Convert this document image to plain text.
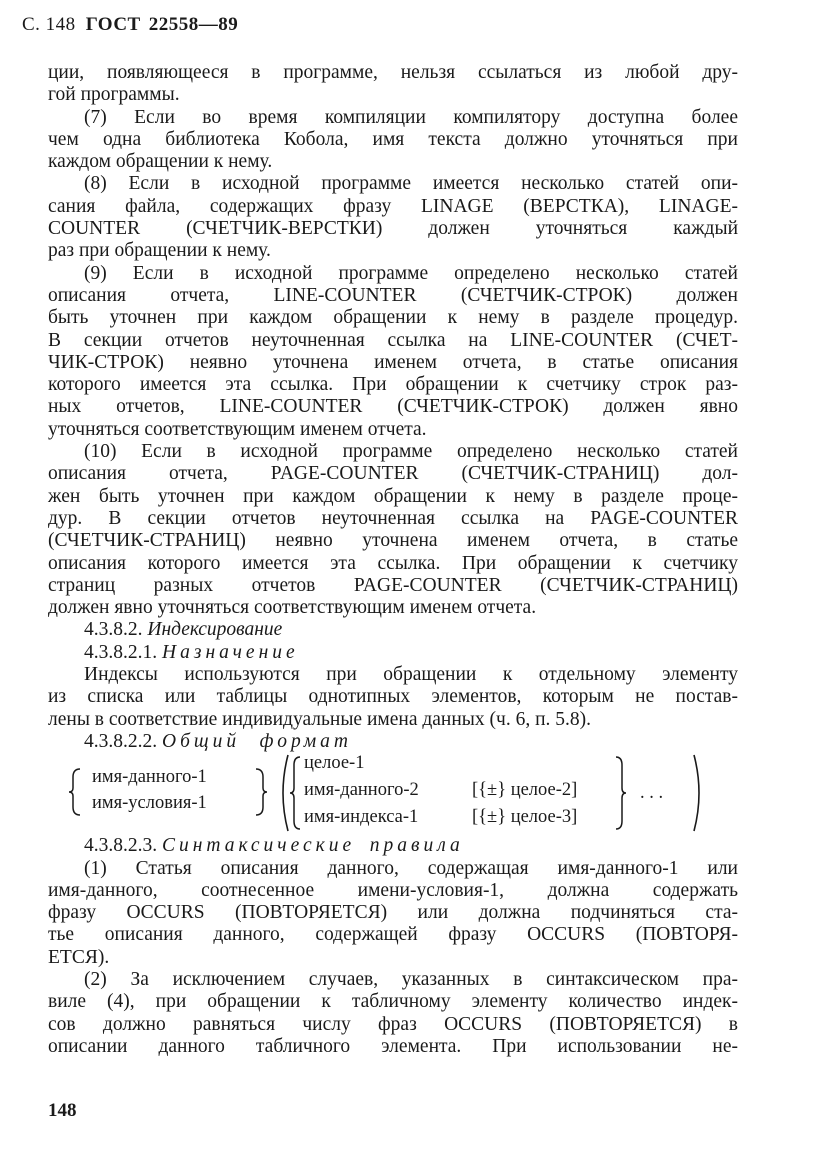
С. 148 ГОСТ 22558—89
ции, появляющееся в программе, нельзя ссылаться из любой дру-
гой программы.
(7) Если во время компиляции компилятору доступна более
чем одна библиотека Кобола, имя текста должно уточняться при
каждом обращении к нему.
(8) Если в исходной программе имеется несколько статей опи-
сания файла, содержащих фразу LINAGE (ВЕРСТКА), LINAGE-
COUNTER (СЧЕТЧИК-ВЕРСТКИ) должен уточняться каждый
раз при обращении к нему.
(9) Если в исходной программе определено несколько статей
описания отчета, LINE-COUNTER (СЧЕТЧИК-СТРОК) должен
быть уточнен при каждом обращении к нему в разделе процедур.
В секции отчетов неуточненная ссылка на LINE-COUNTER (СЧЕТ-
ЧИК-СТРОК) неявно уточнена именем отчета, в статье описания
которого имеется эта ссылка. При обращении к счетчику строк раз-
ных отчетов, LINE-COUNTER (СЧЕТЧИК-СТРОК) должен явно
уточняться соответствующим именем отчета.
(10) Если в исходной программе определено несколько статей
описания отчета, PAGE-COUNTER (СЧЕТЧИК-СТРАНИЦ) дол-
жен быть уточнен при каждом обращении к нему в разделе проце-
дур. В секции отчетов неуточненная ссылка на PAGE-COUNTER
(СЧЕТЧИК-СТРАНИЦ) неявно уточнена именем отчета, в статье
описания которого имеется эта ссылка. При обращении к счетчику
страниц разных отчетов PAGE-COUNTER (СЧЕТЧИК-СТРАНИЦ)
должен явно уточняться соответствующим именем отчета.
4.3.8.2. Индексирование
4.3.8.2.1. Назначение
Индексы используются при обращении к отдельному элементу
из списка или таблицы однотипных элементов, которым не постав-
лены в соответствие индивидуальные имена данных (ч. 6, п. 5.8).
4.3.8.2.2. Общий формат
имя-данного-1
имя-условия-1
целое-1
имя-данного-2
имя-индекса-1
[{±} целое-2]
[{±} целое-3]
. . .
4.3.8.2.3. Синтаксические правила
(1) Статья описания данного, содержащая имя-данного-1 или
имя-данного, соотнесенное имени-условия-1, должна содержать
фразу OCCURS (ПОВТОРЯЕТСЯ) или должна подчиняться ста-
тье описания данного, содержащей фразу OCCURS (ПОВТОРЯ-
ЕТСЯ).
(2) За исключением случаев, указанных в синтаксическом пра-
виле (4), при обращении к табличному элементу количество индек-
сов должно равняться числу фраз OCCURS (ПОВТОРЯЕТСЯ) в
описании данного табличного элемента. При использовании не-
148
